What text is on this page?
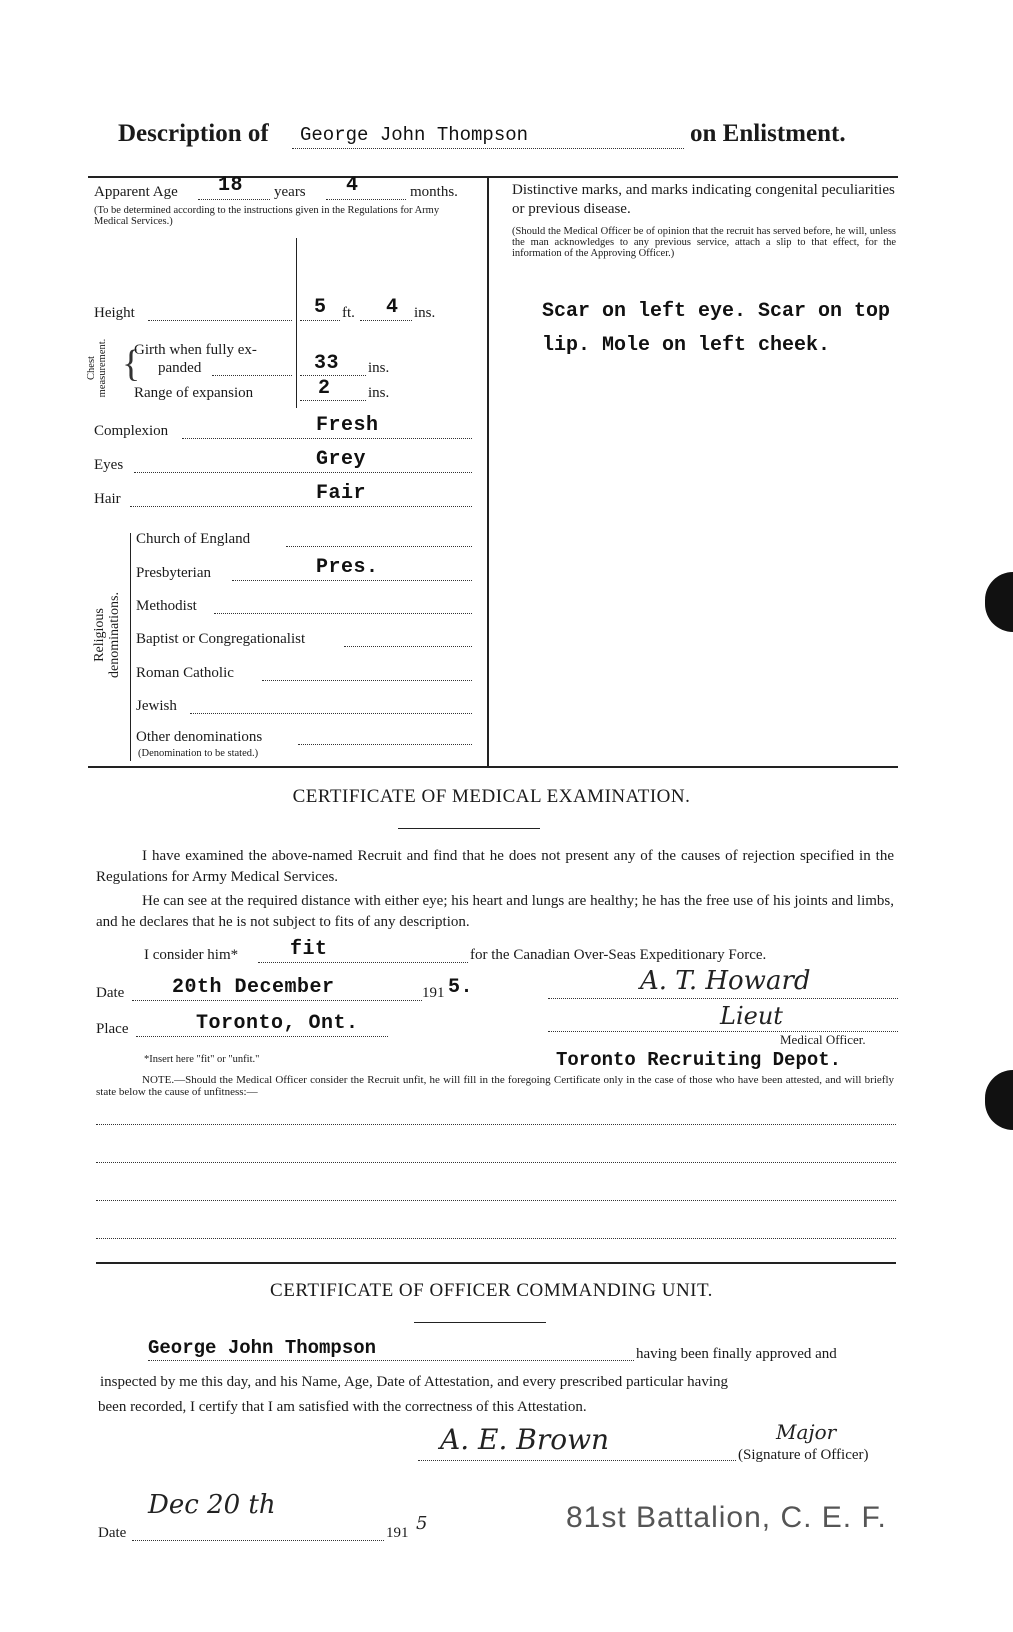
Description of George John Thompson	on Enlistment.
Apparent Age 18 years 4	months.
(To be determined according to the instructions given in the Regulations for Army Medical Services.)
Height	5 ft. 4 ins.
Chest measurement. {
Girth when fully ex-
panded	33 ins.
Range of expansion	2 ins.
Complexion	Fresh
Eyes	Grey
Hair	Fair
Religious denominations.
Church of England
Presbyterian	Pres.
Methodist
Baptist or Congregationalist
Roman Catholic
Jewish
Other denominations
(Denomination to be stated.)
Distinctive marks, and marks indicating congenital peculiarities or previous disease.
(Should the Medical Officer be of opinion that the recruit has served before, he will, unless the man acknowledges to any previous service, attach a slip to that effect, for the information of the Approving Officer.)
Scar on left eye. Scar on top
lip. Mole on left cheek.
CERTIFICATE OF MEDICAL EXAMINATION.
I have examined the above-named Recruit and find that he does not present any of the causes of rejection specified in the Regulations for Army Medical Services.
He can see at the required distance with either eye; his heart and lungs are healthy; he has the free use of his joints and limbs, and he declares that he is not subject to fits of any description.
I consider him*	fit	for the Canadian Over-Seas Expeditionary Force.
Date 20th December	191 5.
Place	Toronto, Ont.
*Insert here "fit" or "unfit."
A. T. Howard
Lieut
Medical Officer.
Toronto Recruiting Depot.
NOTE.—Should the Medical Officer consider the Recruit unfit, he will fill in the foregoing Certificate only in the case of those who have been attested, and will briefly state below the cause of unfitness:—
CERTIFICATE OF OFFICER COMMANDING UNIT.
George John Thompson	having been finally approved and
inspected by me this day, and his Name, Age, Date of Attestation, and every prescribed particular having
been recorded, I certify that I am satisfied with the correctness of this Attestation.
Major
A. E. Brown	(Signature of Officer)
Dec 20 th
Date	191 5	81st Battalion, C. E. F.
